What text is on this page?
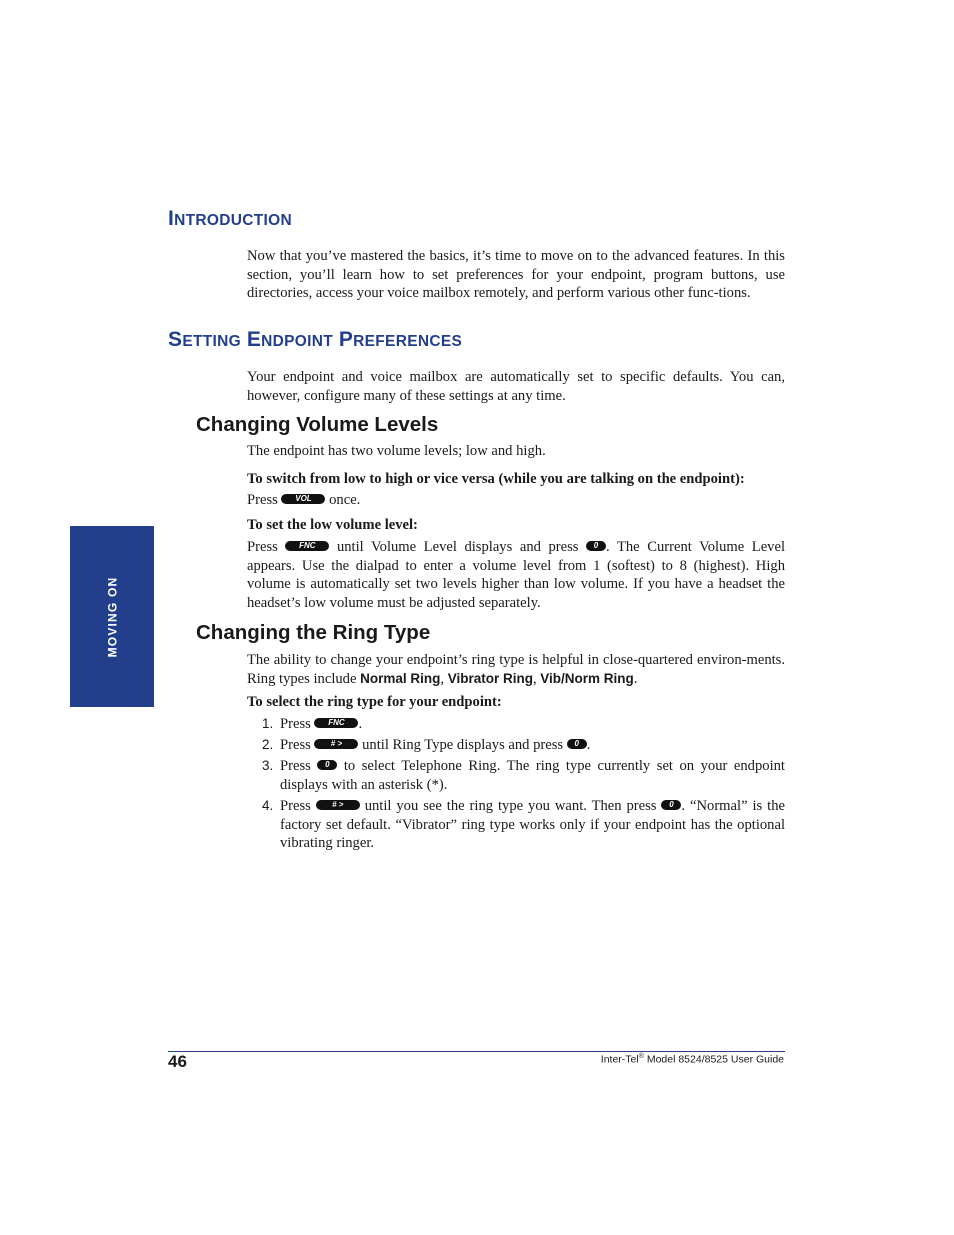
INTRODUCTION
Now that you’ve mastered the basics, it’s time to move on to the advanced features. In this section, you’ll learn how to set preferences for your endpoint, program buttons, use directories, access your voice mailbox remotely, and perform various other func-tions.
SETTING ENDPOINT PREFERENCES
Your endpoint and voice mailbox are automatically set to specific defaults. You can, however, configure many of these settings at any time.
Changing Volume Levels
The endpoint has two volume levels; low and high.
To switch from low to high or vice versa (while you are talking on the endpoint):
Press VOL once.
To set the low volume level:
Press	FNC until Volume Level displays and press 0 . The Current Volume Level appears. Use the dialpad to enter a volume level from 1 (softest) to 8 (highest). High volume is automatically set two levels higher than low volume. If you have a headset the headset’s low volume must be adjusted separately.
Changing the Ring Type
The ability to change your endpoint’s ring type is helpful in close-quartered environ-ments. Ring types include Normal Ring, Vibrator Ring, Vib/Norm Ring.
To select the ring type for your endpoint:
1. Press FNC .
2. Press # > until Ring Type displays and press 0 .
3. Press 0 to select Telephone Ring. The ring type currently set on your endpoint displays with an asterisk (*).
4. Press	# > until you see the ring type you want. Then press 0 . “Normal” is the factory set default. “Vibrator” ring type works only if your endpoint has the optional vibrating ringer.
MOVING ON
46	Inter-Tel® Model 8524/8525 User Guide
